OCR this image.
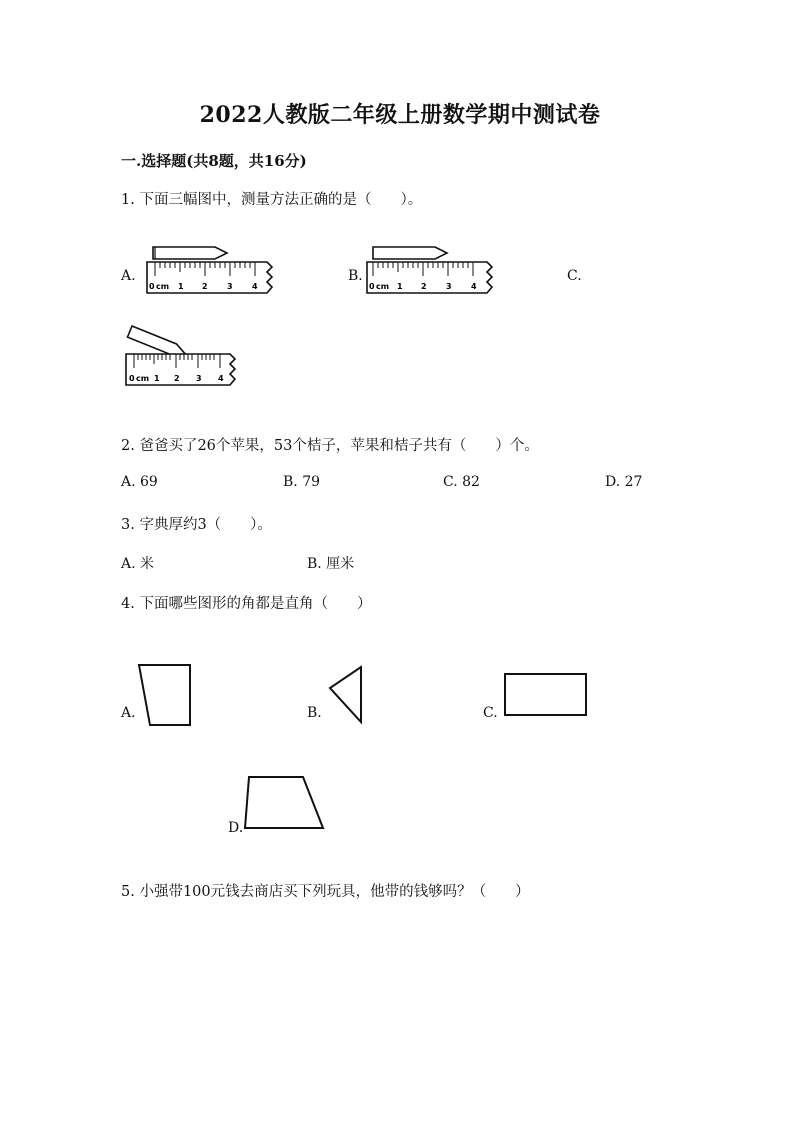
2022人教版二年级上册数学期中测试卷
一.选择题(共8题，共16分)
1. 下面三幅图中，测量方法正确的是（　　）。
A.
0 cm 1 2 3 4
B.
0 cm 1 2 3 4
C.
0 cm 1 2 3 4
2. 爸爸买了26个苹果，53个桔子，苹果和桔子共有（　　）个。
A. 69	B. 79	C. 82	D. 27
3. 字典厚约3（　　）。
A. 米	B. 厘米
4. 下面哪些图形的角都是直角（　　）
A.	B.	C.
D.
5. 小强带100元钱去商店买下列玩具，他带的钱够吗？（　　）
